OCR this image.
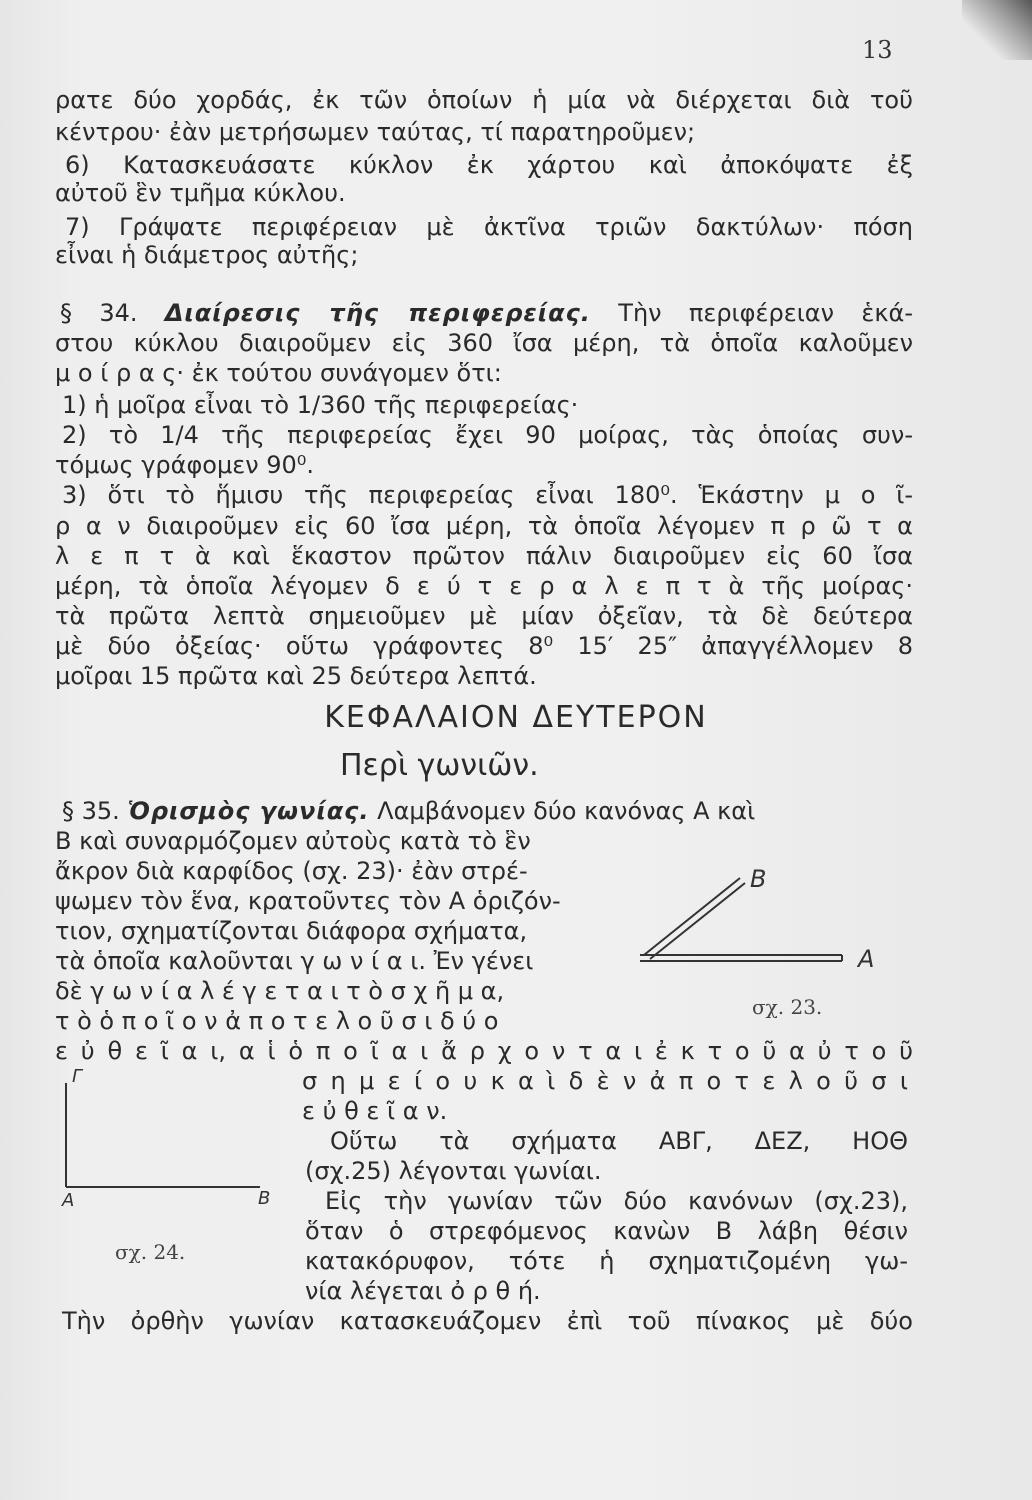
13
ρατε δύο χορδάς, ἐκ τῶν ὁποίων ἡ μία νὰ διέρχεται διὰ τοῦ
κέντρου· ἐὰν μετρήσωμεν ταύτας, τί παρατηροῦμεν;
6) Κατασκευάσατε κύκλον ἐκ χάρτου καὶ ἀποκόψατε ἐξ
αὐτοῦ ἓν τμῆμα κύκλου.
7) Γράψατε περιφέρειαν μὲ ἀκτῖνα τριῶν δακτύλων· πόση
εἶναι ἡ διάμετρος αὐτῆς;
§ 34. Διαίρεσις τῆς περιφερείας. Τὴν περιφέρειαν ἑκά-
στου κύκλου διαιροῦμεν εἰς 360 ἴσα μέρη, τὰ ὁποῖα καλοῦμεν
μ ο ί ρ α ς· ἐκ τούτου συνάγομεν ὅτι:
1) ἡ μοῖρα εἶναι τὸ 1/360 τῆς περιφερείας·
2) τὸ 1/4 τῆς περιφερείας ἔχει 90 μοίρας, τὰς ὁποίας συν-
τόμως γράφομεν 90⁰.
3) ὅτι τὸ ἥμισυ τῆς περιφερείας εἶναι 180⁰. Ἑκάστην μ ο ῖ-
ρ α ν διαιροῦμεν εἰς 60 ἴσα μέρη, τὰ ὁποῖα λέγομεν π ρ ῶ τ α
λ ε π τ ὰ καὶ ἕκαστον πρῶτον πάλιν διαιροῦμεν εἰς 60 ἴσα
μέρη, τὰ ὁποῖα λέγομεν δ ε ύ τ ε ρ α λ ε π τ ὰ τῆς μοίρας·
τὰ πρῶτα λεπτὰ σημειοῦμεν μὲ μίαν ὀξεῖαν, τὰ δὲ δεύτερα
μὲ δύο ὀξείας· οὕτω γράφοντες 8⁰ 15′ 25″ ἀπαγγέλλομεν 8
μοῖραι 15 πρῶτα καὶ 25 δεύτερα λεπτά.
ΚΕΦΑΛΑΙΟΝ ΔΕΥΤΕΡΟΝ
Περὶ γωνιῶν.
§ 35. Ὁρισμὸς γωνίας. Λαμβάνομεν δύο κανόνας Α καὶ
Β καὶ συναρμόζομεν αὐτοὺς κατὰ τὸ ἓν
ἄκρον διὰ καρφίδος (σχ. 23)· ἐὰν στρέ-
ψωμεν τὸν ἕνα, κρατοῦντες τὸν Α ὁριζόν-
τιον, σχηματίζονται διάφορα σχήματα,
τὰ ὁποῖα καλοῦνται γ ω ν ί α ι. Ἐν γένει
δὲ γ ω ν ί α λ έ γ ε τ α ι τ ὸ σ χ ῆ μ α,
τ ὸ ὁ π ο ῖ ο ν ἀ π ο τ ε λ ο ῦ σ ι δ ύ ο
B
A
σχ. 23.
ε ὐ θ ε ῖ α ι, α ἱ ὁ π ο ῖ α ι ἄ ρ χ ο ν τ α ι ἐ κ τ ο ῦ α ὐ τ ο ῦ
Γ
A	B
σχ. 24.
σ η μ ε ί ο υ κ α ὶ δ ὲ ν ἀ π ο τ ε λ ο ῦ σ ι
ε ὐ θ ε ῖ α ν.
Οὕτω τὰ σχήματα ΑΒΓ, ΔΕΖ, ΗΟΘ
(σχ.25) λέγονται γωνίαι.
Εἰς τὴν γωνίαν τῶν δύο κανόνων (σχ.23),
ὅταν ὁ στρεφόμενος κανὼν Β λάβη θέσιν
κατακόρυφον, τότε ἡ σχηματιζομένη γω-
νία λέγεται ὀ ρ θ ή.
Τὴν ὀρθὴν γωνίαν κατασκευάζομεν ἐπὶ τοῦ πίνακος μὲ δύο
